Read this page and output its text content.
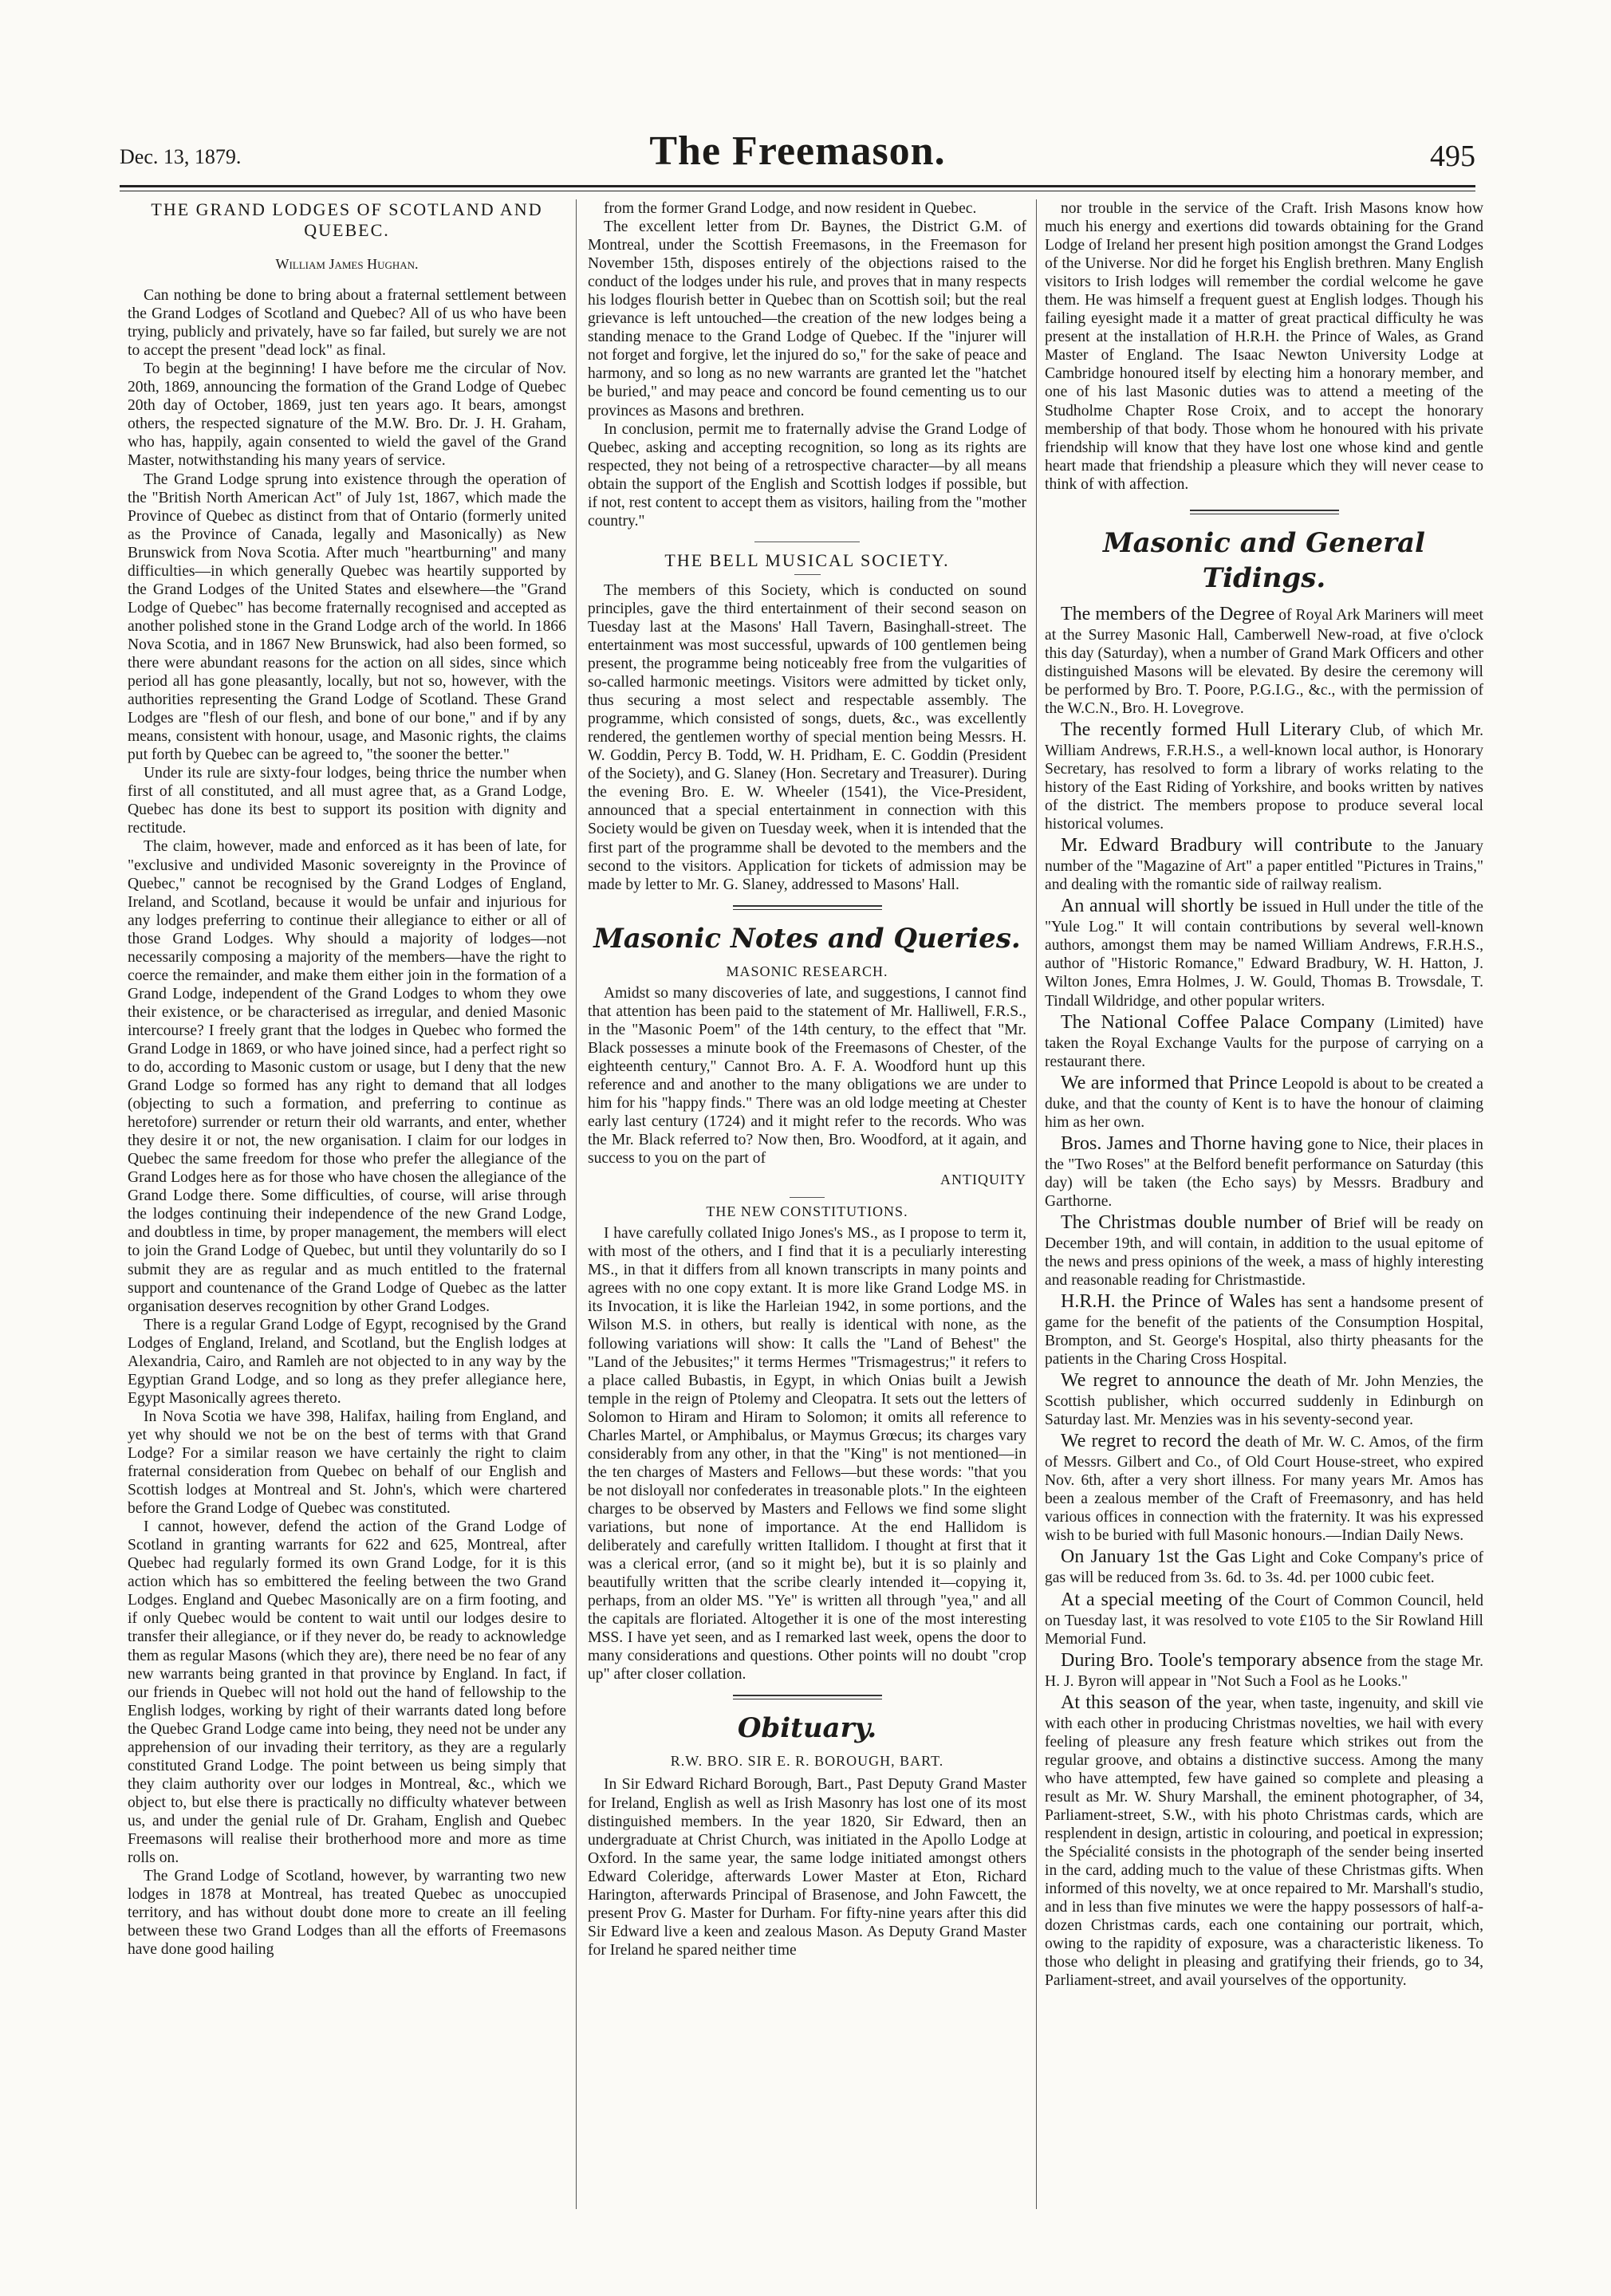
Dec. 13, 1879.	The Freemason.	495
THE GRAND LODGES OF SCOTLAND AND QUEBEC.
William James Hughan.

Can nothing be done to bring about a fraternal settlement between the Grand Lodges of Scotland and Quebec? All of us who have been trying, publicly and privately, have so far failed, but surely we are not to accept the present "dead lock" as final.

To begin at the beginning! I have before me the circular of Nov. 20th, 1869, announcing the formation of the Grand Lodge of Quebec 20th day of October, 1869, just ten years ago. It bears, amongst others, the respected signature of the M.W. Bro. Dr. J. H. Graham, who has, happily, again consented to wield the gavel of the Grand Master, notwithstanding his many years of service.

The Grand Lodge sprung into existence through the operation of the "British North American Act" of July 1st, 1867, which made the Province of Quebec as distinct from that of Ontario (formerly united as the Province of Canada, legally and Masonically) as New Brunswick from Nova Scotia. After much "heartburning" and many difficulties—in which generally Quebec was heartily supported by the Grand Lodges of the United States and elsewhere—the "Grand Lodge of Quebec" has become fraternally recognised and accepted as another polished stone in the Grand Lodge arch of the world. In 1866 Nova Scotia, and in 1867 New Brunswick, had also been formed, so there were abundant reasons for the action on all sides, since which period all has gone pleasantly, locally, but not so, however, with the authorities representing the Grand Lodge of Scotland. These Grand Lodges are "flesh of our flesh, and bone of our bone," and if by any means, consistent with honour, usage, and Masonic rights, the claims put forth by Quebec can be agreed to, "the sooner the better."

Under its rule are sixty-four lodges, being thrice the number when first of all constituted, and all must agree that, as a Grand Lodge, Quebec has done its best to support its position with dignity and rectitude.

The claim, however, made and enforced as it has been of late, for "exclusive and undivided Masonic sovereignty in the Province of Quebec," cannot be recognised by the Grand Lodges of England, Ireland, and Scotland, because it would be unfair and injurious for any lodges preferring to continue their allegiance to either or all of those Grand Lodges. Why should a majority of lodges—not necessarily composing a majority of the members—have the right to coerce the remainder, and make them either join in the formation of a Grand Lodge, independent of the Grand Lodges to whom they owe their existence, or be characterised as irregular, and denied Masonic intercourse? I freely grant that the lodges in Quebec who formed the Grand Lodge in 1869, or who have joined since, had a perfect right so to do, according to Masonic custom or usage, but I deny that the new Grand Lodge so formed has any right to demand that all lodges (objecting to such a formation, and preferring to continue as heretofore) surrender or return their old warrants, and enter, whether they desire it or not, the new organisation. I claim for our lodges in Quebec the same freedom for those who prefer the allegiance of the Grand Lodges here as for those who have chosen the allegiance of the Grand Lodge there. Some difficulties, of course, will arise through the lodges continuing their independence of the new Grand Lodge, and doubtless in time, by proper management, the members will elect to join the Grand Lodge of Quebec, but until they voluntarily do so I submit they are as regular and as much entitled to the fraternal support and countenance of the Grand Lodge of Quebec as the latter organisation deserves recognition by other Grand Lodges.

There is a regular Grand Lodge of Egypt, recognised by the Grand Lodges of England, Ireland, and Scotland, but the English lodges at Alexandria, Cairo, and Ramleh are not objected to in any way by the Egyptian Grand Lodge, and so long as they prefer allegiance here, Egypt Masonically agrees thereto.

In Nova Scotia we have 398, Halifax, hailing from England, and yet why should we not be on the best of terms with that Grand Lodge? For a similar reason we have certainly the right to claim fraternal consideration from Quebec on behalf of our English and Scottish lodges at Montreal and St. John's, which were chartered before the Grand Lodge of Quebec was constituted.

I cannot, however, defend the action of the Grand Lodge of Scotland in granting warrants for 622 and 625, Montreal, after Quebec had regularly formed its own Grand Lodge, for it is this action which has so embittered the feeling between the two Grand Lodges. England and Quebec Masonically are on a firm footing, and if only Quebec would be content to wait until our lodges desire to transfer their allegiance, or if they never do, be ready to acknowledge them as regular Masons (which they are), there need be no fear of any new warrants being granted in that province by England. In fact, if our friends in Quebec will not hold out the hand of fellowship to the English lodges, working by right of their warrants dated long before the Quebec Grand Lodge came into being, they need not be under any apprehension of our invading their territory, as they are a regularly constituted Grand Lodge. The point between us being simply that they claim authority over our lodges in Montreal, &c., which we object to, but else there is practically no difficulty whatever between us, and under the genial rule of Dr. Graham, English and Quebec Freemasons will realise their brotherhood more and more as time rolls on.

The Grand Lodge of Scotland, however, by warranting two new lodges in 1878 at Montreal, has treated Quebec as unoccupied territory, and has without doubt done more to create an ill feeling between these two Grand Lodges than all the efforts of Freemasons have done good hailing

from the former Grand Lodge, and now resident in Quebec.

The excellent letter from Dr. Baynes, the District G.M. of Montreal, under the Scottish Freemasons, in the Freemason for November 15th, disposes entirely of the objections raised to the conduct of the lodges under his rule, and proves that in many respects his lodges flourish better in Quebec than on Scottish soil; but the real grievance is left untouched—the creation of the new lodges being a standing menace to the Grand Lodge of Quebec. If the "injurer will not forget and forgive, let the injured do so," for the sake of peace and harmony, and so long as no new warrants are granted let the "hatchet be buried," and may peace and concord be found cementing us to our provinces as Masons and brethren.

In conclusion, permit me to fraternally advise the Grand Lodge of Quebec, asking and accepting recognition, so long as its rights are respected, they not being of a retrospective character—by all means obtain the support of the English and Scottish lodges if possible, but if not, rest content to accept them as visitors, hailing from the "mother country."

THE BELL MUSICAL SOCIETY.

The members of this Society, which is conducted on sound principles, gave the third entertainment of their second season on Tuesday last at the Masons' Hall Tavern, Basinghall-street. The entertainment was most successful, upwards of 100 gentlemen being present, the programme being noticeably free from the vulgarities of so-called harmonic meetings. Visitors were admitted by ticket only, thus securing a most select and respectable assembly. The programme, which consisted of songs, duets, &c., was excellently rendered, the gentlemen worthy of special mention being Messrs. H. W. Goddin, Percy B. Todd, W. H. Pridham, E. C. Goddin (President of the Society), and G. Slaney (Hon. Secretary and Treasurer). During the evening Bro. E. W. Wheeler (1541), the Vice-President, announced that a special entertainment in connection with this Society would be given on Tuesday week, when it is intended that the first part of the programme shall be devoted to the members and the second to the visitors. Application for tickets of admission may be made by letter to Mr. G. Slaney, addressed to Masons' Hall.

Masonic Notes and Queries.
MASONIC RESEARCH.

Amidst so many discoveries of late, and suggestions, I cannot find that attention has been paid to the statement of Mr. Halliwell, F.R.S., in the "Masonic Poem" of the 14th century, to the effect that "Mr. Black possesses a minute book of the Freemasons of Chester, of the eighteenth century," Cannot Bro. A. F. A. Woodford hunt up this reference and and another to the many obligations we are under to him for his "happy finds." There was an old lodge meeting at Chester early last century (1724) and it might refer to the records. Who was the Mr. Black referred to? Now then, Bro. Woodford, at it again, and success to you on the part of

ANTIQUITY
THE NEW CONSTITUTIONS.

I have carefully collated Inigo Jones's MS., as I propose to term it, with most of the others, and I find that it is a peculiarly interesting MS., in that it differs from all known transcripts in many points and agrees with no one copy extant. It is more like Grand Lodge MS. in its Invocation, it is like the Harleian 1942, in some portions, and the Wilson M.S. in others, but really is identical with none, as the following variations will show: It calls the "Land of Behest" the "Land of the Jebusites;" it terms Hermes "Trismagestrus;" it refers to a place called Bubastis, in Egypt, in which Onias built a Jewish temple in the reign of Ptolemy and Cleopatra. It sets out the letters of Solomon to Hiram and Hiram to Solomon; it omits all reference to Charles Martel, or Amphibalus, or Maymus Grœcus; its charges vary considerably from any other, in that the "King" is not mentioned—in the ten charges of Masters and Fellows—but these words: "that you be not disloyall nor confederates in treasonable plots." In the eighteen charges to be observed by Masters and Fellows we find some slight variations, but none of importance. At the end Hallidom is deliberately and carefully written Itallidom. I thought at first that it was a clerical error, (and so it might be), but it is so plainly and beautifully written that the scribe clearly intended it—copying it, perhaps, from an older MS. "Ye" is written all through "yea," and all the capitals are floriated. Altogether it is one of the most interesting MSS. I have yet seen, and as I remarked last week, opens the door to many considerations and questions. Other points will no doubt "crop up" after closer collation.

Obituary.
R.W. BRO. SIR E. R. BOROUGH, BART.

In Sir Edward Richard Borough, Bart., Past Deputy Grand Master for Ireland, English as well as Irish Masonry has lost one of its most distinguished members. In the year 1820, Sir Edward, then an undergraduate at Christ Church, was initiated in the Apollo Lodge at Oxford. In the same year, the same lodge initiated amongst others Edward Coleridge, afterwards Lower Master at Eton, Richard Harington, afterwards Principal of Brasenose, and John Fawcett, the present Prov G. Master for Durham. For fifty-nine years after this did Sir Edward live a keen and zealous Mason. As Deputy Grand Master for Ireland he spared neither time

nor trouble in the service of the Craft. Irish Masons know how much his energy and exertions did towards obtaining for the Grand Lodge of Ireland her present high position amongst the Grand Lodges of the Universe. Nor did he forget his English brethren. Many English visitors to Irish lodges will remember the cordial welcome he gave them. He was himself a frequent guest at English lodges. Though his failing eyesight made it a matter of great practical difficulty he was present at the installation of H.R.H. the Prince of Wales, as Grand Master of England. The Isaac Newton University Lodge at Cambridge honoured itself by electing him a honorary member, and one of his last Masonic duties was to attend a meeting of the Studholme Chapter Rose Croix, and to accept the honorary membership of that body. Those whom he honoured with his private friendship will know that they have lost one whose kind and gentle heart made that friendship a pleasure which they will never cease to think of with affection.

Masonic and General Tidings.

The members of the Degree of Royal Ark Mariners will meet at the Surrey Masonic Hall, Camberwell New-road, at five o'clock this day (Saturday), when a number of Grand Mark Officers and other distinguished Masons will be elevated. By desire the ceremony will be performed by Bro. T. Poore, P.G.I.G., &c., with the permission of the W.C.N., Bro. H. Lovegrove.

The recently formed Hull Literary Club, of which Mr. William Andrews, F.R.H.S., a well-known local author, is Honorary Secretary, has resolved to form a library of works relating to the history of the East Riding of Yorkshire, and books written by natives of the district. The members propose to produce several local historical volumes.

Mr. Edward Bradbury will contribute to the January number of the "Magazine of Art" a paper entitled "Pictures in Trains," and dealing with the romantic side of railway realism.

An annual will shortly be issued in Hull under the title of the "Yule Log." It will contain contributions by several well-known authors, amongst them may be named William Andrews, F.R.H.S., author of "Historic Romance," Edward Bradbury, W. H. Hatton, J. Wilton Jones, Emra Holmes, J. W. Gould, Thomas B. Trowsdale, T. Tindall Wildridge, and other popular writers.

The National Coffee Palace Company (Limited) have taken the Royal Exchange Vaults for the purpose of carrying on a restaurant there.

We are informed that Prince Leopold is about to be created a duke, and that the county of Kent is to have the honour of claiming him as her own.

Bros. James and Thorne having gone to Nice, their places in the "Two Roses" at the Belford benefit performance on Saturday (this day) will be taken (the Echo says) by Messrs. Bradbury and Garthorne.

The Christmas double number of Brief will be ready on December 19th, and will contain, in addition to the usual epitome of the news and press opinions of the week, a mass of highly interesting and reasonable reading for Christmastide.

H.R.H. the Prince of Wales has sent a handsome present of game for the benefit of the patients of the Consumption Hospital, Brompton, and St. George's Hospital, also thirty pheasants for the patients in the Charing Cross Hospital.

We regret to announce the death of Mr. John Menzies, the Scottish publisher, which occurred suddenly in Edinburgh on Saturday last. Mr. Menzies was in his seventy-second year.

We regret to record the death of Mr. W. C. Amos, of the firm of Messrs. Gilbert and Co., of Old Court House-street, who expired Nov. 6th, after a very short illness. For many years Mr. Amos has been a zealous member of the Craft of Freemasonry, and has held various offices in connection with the fraternity. It was his expressed wish to be buried with full Masonic honours.—Indian Daily News.

On January 1st the Gas Light and Coke Company's price of gas will be reduced from 3s. 6d. to 3s. 4d. per 1000 cubic feet.

At a special meeting of the Court of Common Council, held on Tuesday last, it was resolved to vote £105 to the Sir Rowland Hill Memorial Fund.

During Bro. Toole's temporary absence from the stage Mr. H. J. Byron will appear in "Not Such a Fool as he Looks."

At this season of the year, when taste, ingenuity, and skill vie with each other in producing Christmas novelties, we hail with every feeling of pleasure any fresh feature which strikes out from the regular groove, and obtains a distinctive success. Among the many who have attempted, few have gained so complete and pleasing a result as Mr. W. Shury Marshall, the eminent photographer, of 34, Parliament-street, S.W., with his photo Christmas cards, which are resplendent in design, artistic in colouring, and poetical in expression; the Spécialité consists in the photograph of the sender being inserted in the card, adding much to the value of these Christmas gifts. When informed of this novelty, we at once repaired to Mr. Marshall's studio, and in less than five minutes we were the happy possessors of half-a-dozen Christmas cards, each one containing our portrait, which, owing to the rapidity of exposure, was a characteristic likeness. To those who delight in pleasing and gratifying their friends, go to 34, Parliament-street, and avail yourselves of the opportunity.
